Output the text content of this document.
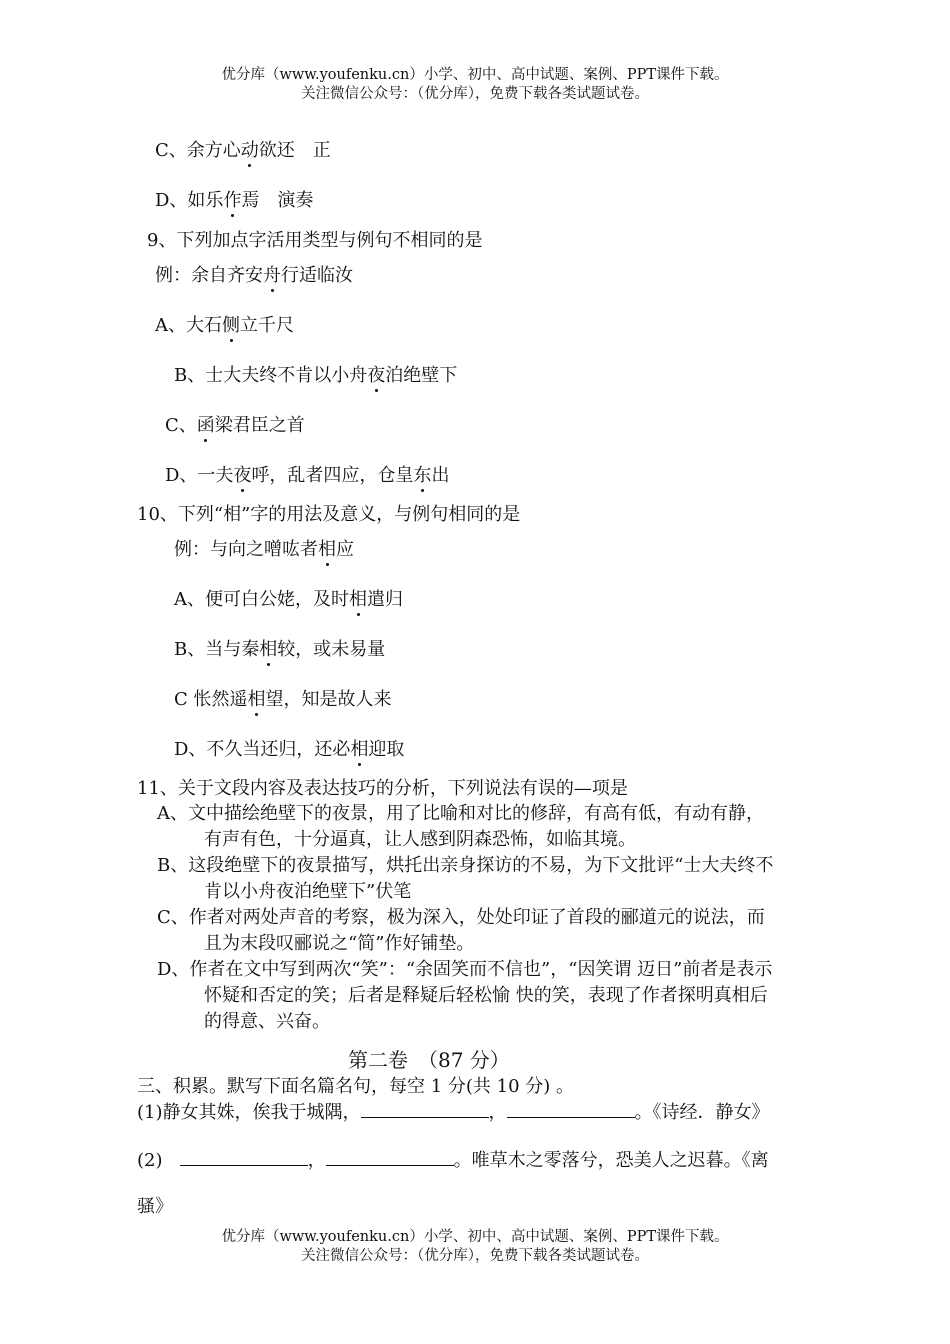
优分库（www.youfenku.cn）小学、初中、高中试题、案例、PPT课件下载。
关注微信公众号：（优分库），免费下载各类试题试卷。
C、余方心动欲还　正
D、如乐作焉　演奏
9、下列加点字活用类型与例句不相同的是
例：余自齐安舟行适临汝
A、大石侧立千尺
B、士大夫终不肯以小舟夜泊绝壁下
C、函梁君臣之首
D、一夫夜呼，乱者四应，仓皇东出
10、下列“相”字的用法及意义，与例句相同的是
例：与向之噌吰者相应
A、便可白公姥，及时相遣归
B、当与秦相较，或未易量
C 怅然遥相望，知是故人来
D、不久当还归，还必相迎取
11、关于文段内容及表达技巧的分析，下列说法有误的—项是
A、文中描绘绝壁下的夜景，用了比喻和对比的修辞，有高有低，有动有静，
有声有色，十分逼真，让人感到阴森恐怖，如临其境。
B、这段绝壁下的夜景描写，烘托出亲身探访的不易，为下文批评“士大夫终不
肯以小舟夜泊绝壁下”伏笔
C、作者对两处声音的考察，极为深入，处处印证了首段的郦道元的说法，而
且为末段叹郦说之“简”作好铺垫。
D、作者在文中写到两次“笑”：“余固笑而不信也”，“因笑谓 迈日”前者是表示
怀疑和否定的笑；后者是释疑后轻松愉 快的笑，表现了作者探明真相后
的得意、兴奋。
第二卷　（87 分）
三、积累。默写下面名篇名句，每空 1 分(共 10 分) 。
(1)静女其姝，俟我于城隅，	，	。《诗经．静女》
(2)	，	。唯草木之零落兮，恐美人之迟暮。《离
骚》
优分库（www.youfenku.cn）小学、初中、高中试题、案例、PPT课件下载。
关注微信公众号：（优分库），免费下载各类试题试卷。
